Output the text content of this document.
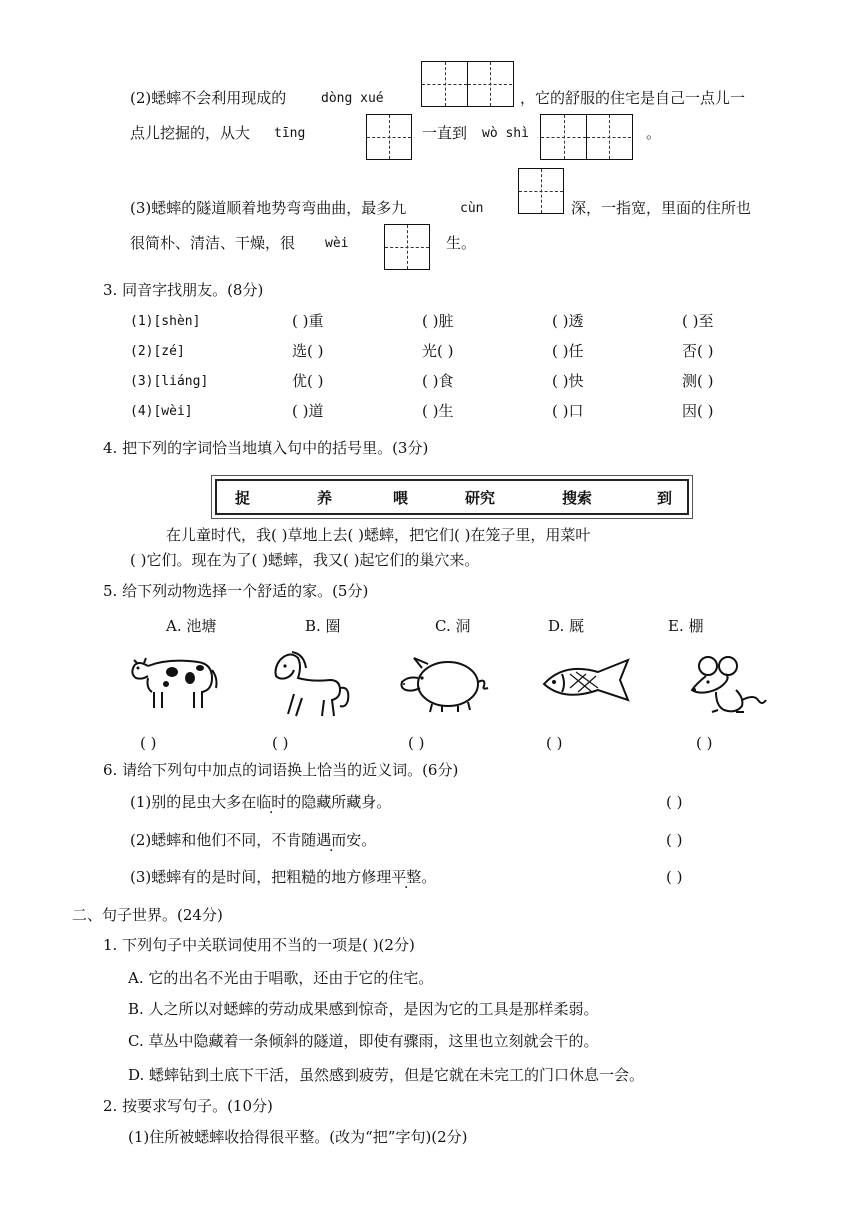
(2)蟋蟀不会利用现成的	dòng xué	，它的舒服的住宅是自己一点儿一
点儿挖掘的，从大 tīng	一直到 wò shì	。
(3)蟋蟀的隧道顺着地势弯弯曲曲，最多九	cùn	深，一指宽，里面的住所也
很简朴、清洁、干燥，很 wèi	生。
3. 同音字找朋友。(8分)
(1)[shèn]	( )重	( )脏	( )透	( )至
(2)[zé]	选( )	光( )	( )任	否( )
(3)[liáng]	优( )	( )食	( )快	测( )
(4)[wèi]	( )道	( )生	( )口	因( )
4. 把下列的字词恰当地填入句中的括号里。(3分)
捉	养	喂	研究	搜索	到
在儿童时代，我( )草地上去( )蟋蟀，把它们( )在笼子里，用菜叶
( )它们。现在为了( )蟋蟀，我又( )起它们的巢穴来。
5. 给下列动物选择一个舒适的家。(5分)
A. 池塘	B. 圈	C. 洞	D. 厩	E. 棚
( )	( )	( )	( )	( )
6. 请给下列句中加点的词语换上恰当的近义词。(6分)
(1)别的昆虫大多在临时的隐藏所藏身。	( )
(2)蟋蟀和他们不同，不肯随遇而安。	( )
(3)蟋蟀有的是时间，把粗糙的地方修理平整。	( )
二、句子世界。(24分)
1. 下列句子中关联词使用不当的一项是( )(2分)
A. 它的出名不光由于唱歌，还由于它的住宅。
B. 人之所以对蟋蟀的劳动成果感到惊奇，是因为它的工具是那样柔弱。
C. 草丛中隐藏着一条倾斜的隧道，即使有骤雨，这里也立刻就会干的。
D. 蟋蟀钻到土底下干活，虽然感到疲劳，但是它就在未完工的门口休息一会。
2. 按要求写句子。(10分)
(1)住所被蟋蟀收拾得很平整。(改为“把”字句)(2分)
